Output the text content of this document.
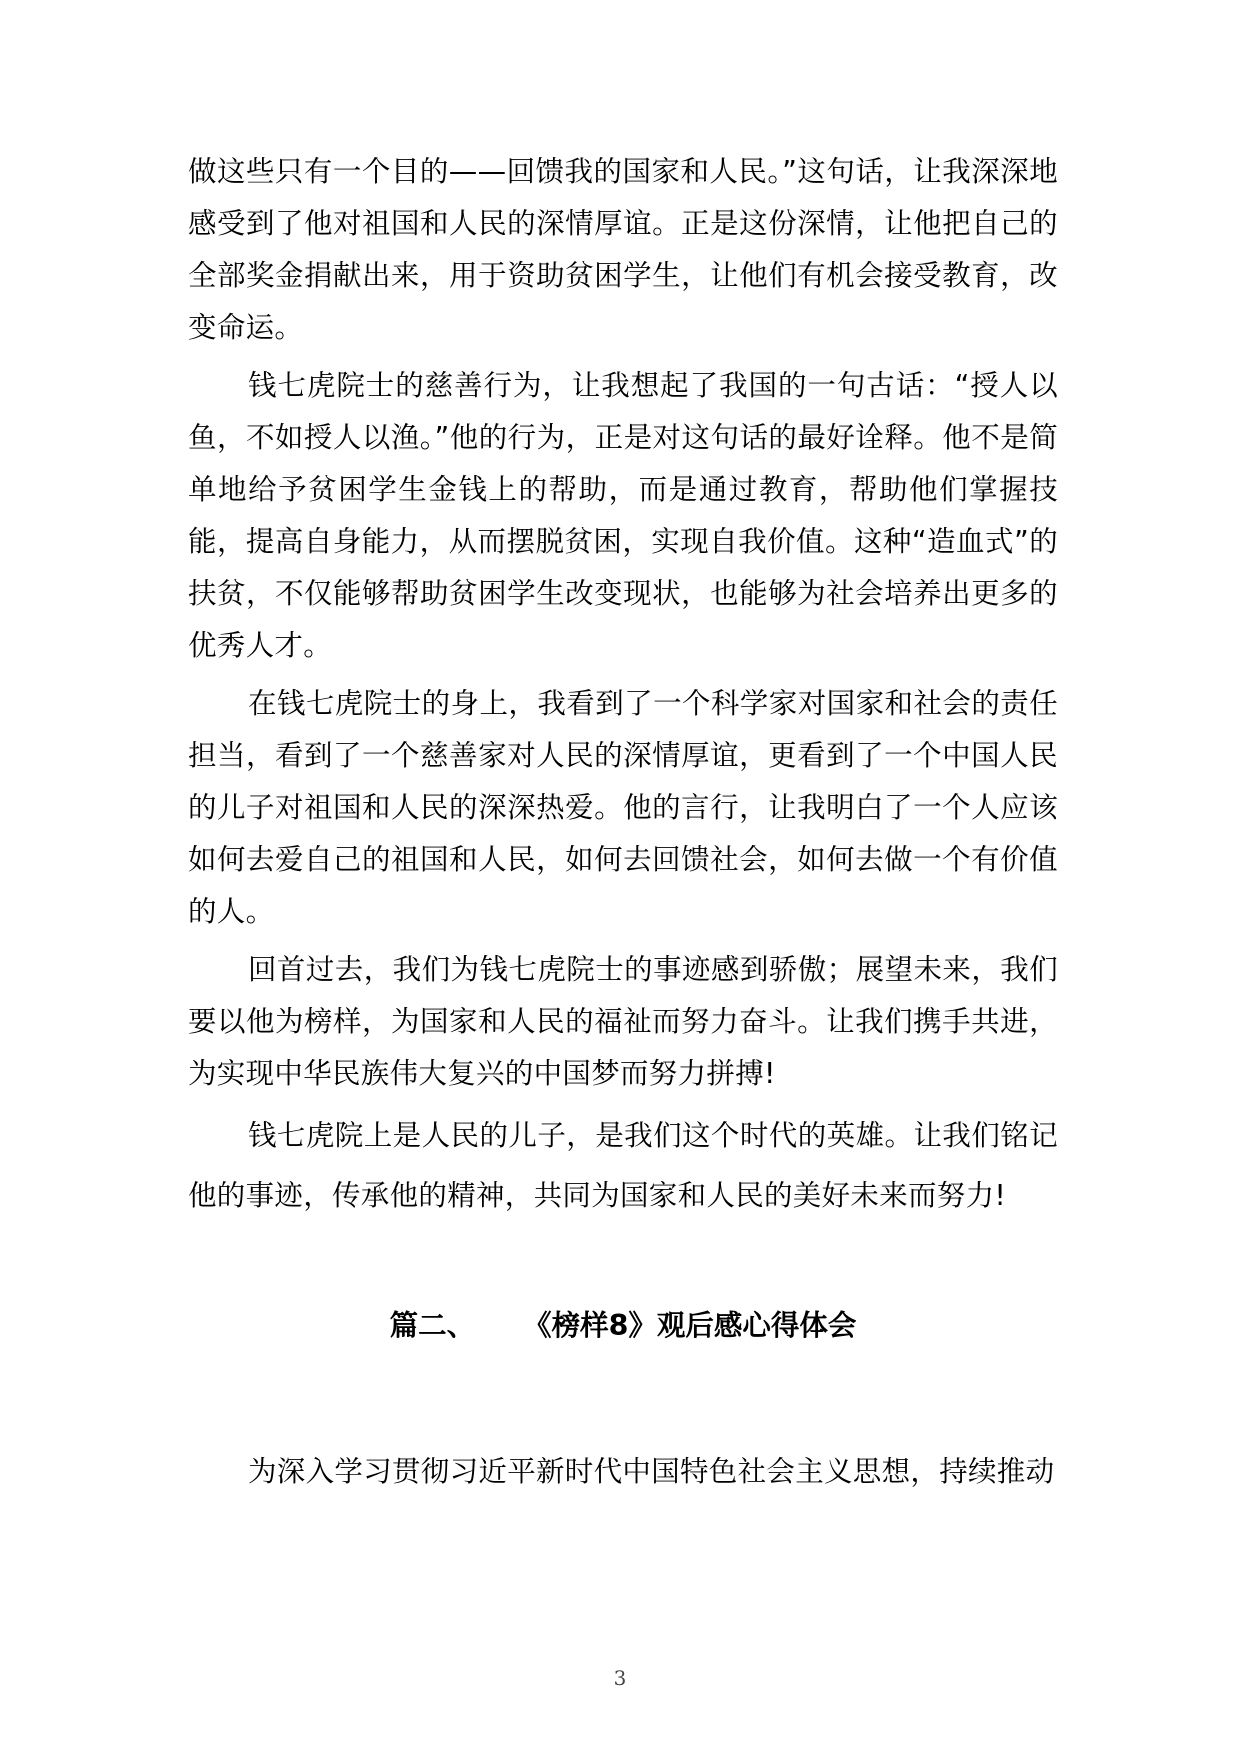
做这些只有一个目的——回馈我的国家和人民。”这句话，让我深深地感受到了他对祖国和人民的深情厚谊。正是这份深情，让他把自己的全部奖金捐献出来，用于资助贫困学生，让他们有机会接受教育，改变命运。

钱七虎院士的慈善行为，让我想起了我国的一句古话：“授人以鱼，不如授人以渔。”他的行为，正是对这句话的最好诠释。他不是简单地给予贫困学生金钱上的帮助，而是通过教育，帮助他们掌握技能，提高自身能力，从而摆脱贫困，实现自我价值。这种“造血式”的扶贫，不仅能够帮助贫困学生改变现状，也能够为社会培养出更多的优秀人才。

在钱七虎院士的身上，我看到了一个科学家对国家和社会的责任担当，看到了一个慈善家对人民的深情厚谊，更看到了一个中国人民的儿子对祖国和人民的深深热爱。他的言行，让我明白了一个人应该如何去爱自己的祖国和人民，如何去回馈社会，如何去做一个有价值的人。

回首过去，我们为钱七虎院士的事迹感到骄傲；展望未来，我们要以他为榜样，为国家和人民的福祉而努力奋斗。让我们携手共进，为实现中华民族伟大复兴的中国梦而努力拼搏!

钱七虎院上是人民的儿子，是我们这个时代的英雄。让我们铭记他的事迹，传承他的精神，共同为国家和人民的美好未来而努力!

篇二、 《榜样8》观后感心得体会

为深入学习贯彻习近平新时代中国特色社会主义思想，持续推动

3
